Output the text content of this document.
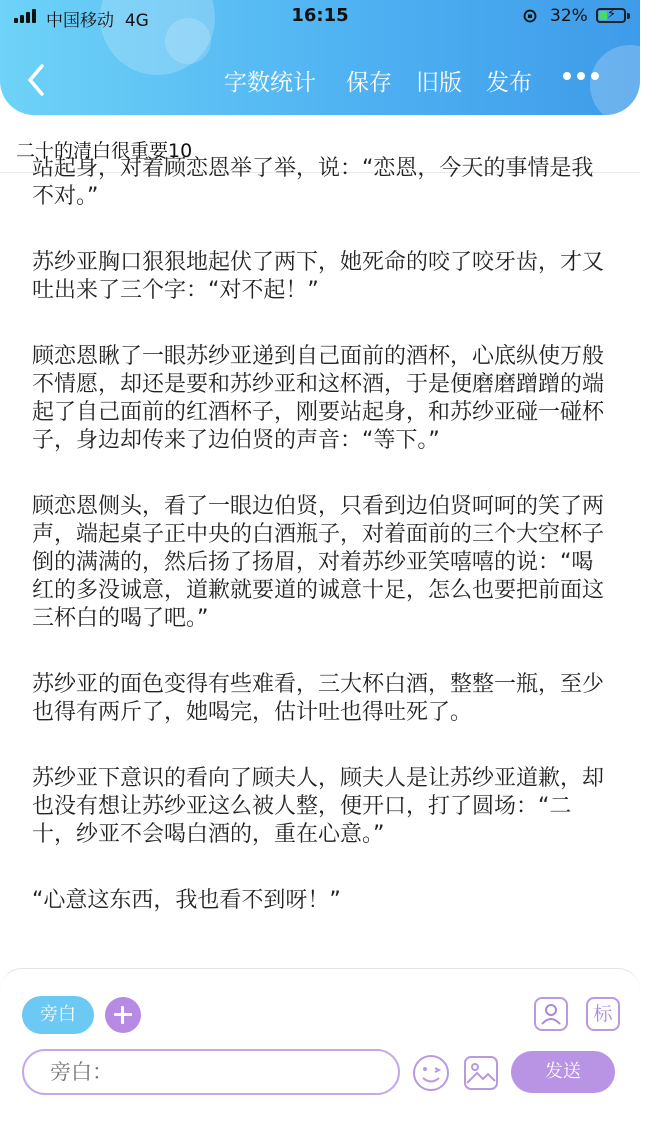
中国移动 4G	16:15	32% ⚡
字数统计 保存 旧版 发布
二十的清白很重要10

站起身，对着顾恋恩举了举，说：“恋恩，今天的事情是我不对。”

苏纱亚胸口狠狠地起伏了两下，她死命的咬了咬牙齿，才又吐出来了三个字：“对不起！”

顾恋恩瞅了一眼苏纱亚递到自己面前的酒杯，心底纵使万般不情愿，却还是要和苏纱亚和这杯酒，于是便磨磨蹭蹭的端起了自己面前的红酒杯子，刚要站起身，和苏纱亚碰一碰杯子，身边却传来了边伯贤的声音：“等下。”

顾恋恩侧头，看了一眼边伯贤，只看到边伯贤呵呵的笑了两声，端起桌子正中央的白酒瓶子，对着面前的三个大空杯子倒的满满的，然后扬了扬眉，对着苏纱亚笑嘻嘻的说：“喝红的多没诚意，道歉就要道的诚意十足，怎么也要把前面这三杯白的喝了吧。”

苏纱亚的面色变得有些难看，三大杯白酒，整整一瓶，至少也得有两斤了，她喝完，估计吐也得吐死了。

苏纱亚下意识的看向了顾夫人，顾夫人是让苏纱亚道歉，却也没有想让苏纱亚这么被人整，便开口，打了圆场：“二十，纱亚不会喝白酒的，重在心意。”

“心意这东西，我也看不到呀！”

旁白	标
旁白：
发送
